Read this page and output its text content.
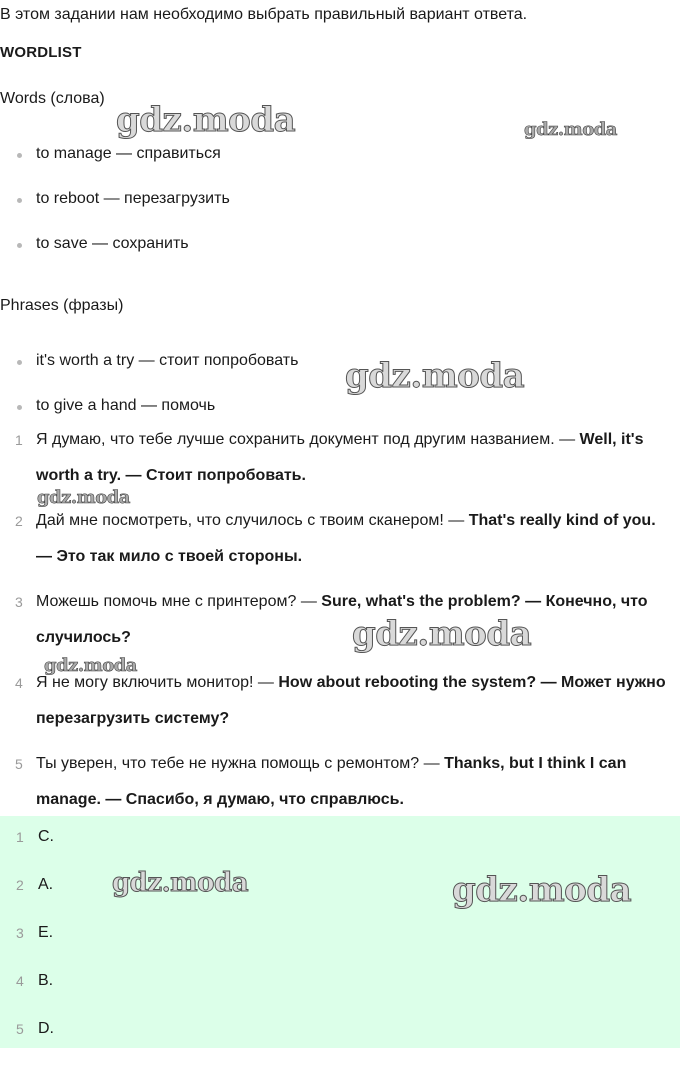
В этом задании нам необходимо выбрать правильный вариант ответа.
WORDLIST
Words (слова)
to manage — справиться
to reboot — перезагрузить
to save — сохранить
Phrases (фразы)
it's worth a try — стоит попробовать
to give a hand — помочь
1 Я думаю, что тебе лучше сохранить документ под другим названием. — Well, it's worth a try. — Стоит попробовать.
2 Дай мне посмотреть, что случилось с твоим сканером! — That's really kind of you. — Это так мило с твоей стороны.
3 Можешь помочь мне с принтером? — Sure, what's the problem? — Конечно, что случилось?
4 Я не могу включить монитор! — How about rebooting the system? — Может нужно перезагрузить систему?
5 Ты уверен, что тебе не нужна помощь с ремонтом? — Thanks, but I think I can manage. — Спасибо, я думаю, что справлюсь.
1 C.
2 A.
3 E.
4 B.
5 D.
gdz.moda	gdz.moda
gdz.moda
gdz.moda
gdz.moda
gdz.moda
gdz.moda	gdz.moda
